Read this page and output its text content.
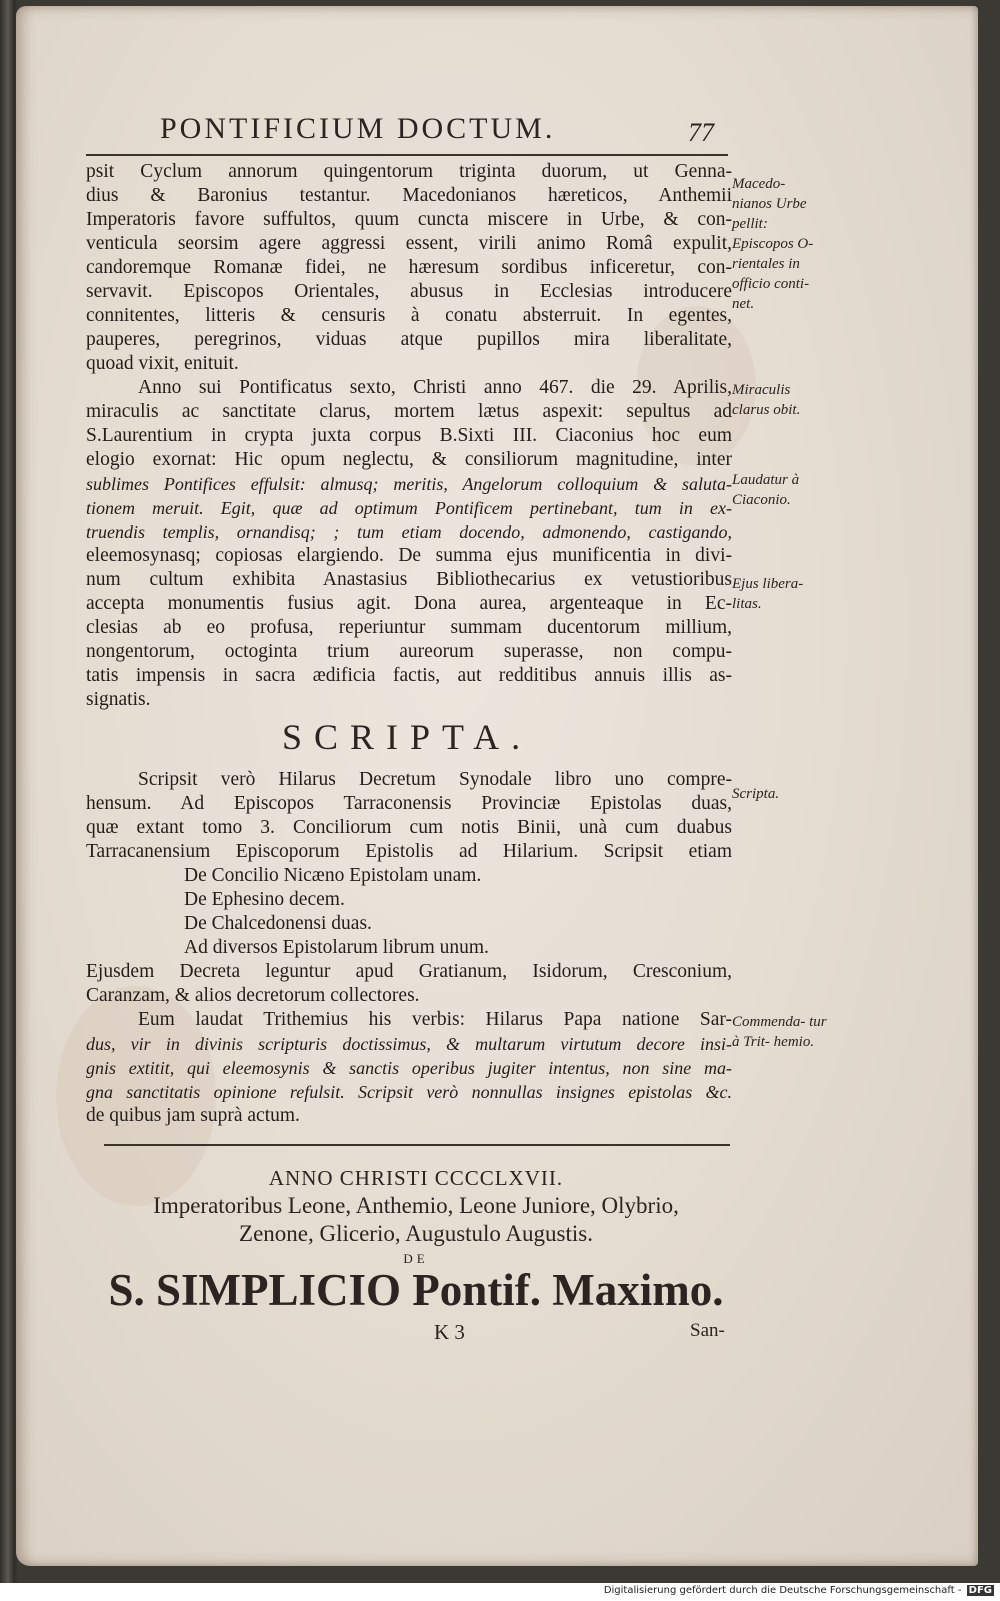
PONTIFICIUM DOCTUM.	77
psit Cyclum annorum quingentorum triginta duorum, ut Genna-
dius & Baronius testantur. Macedonianos hæreticos, Anthemii
Imperatoris favore suffultos, quum cuncta miscere in Urbe, & con-
venticula seorsim agere aggressi essent, virili animo Româ expulit,
candoremque Romanæ fidei, ne hæresum sordibus inficeretur, con-
servavit. Episcopos Orientales, abusus in Ecclesias introducere
connitentes, litteris & censuris à conatu absterruit. In egentes,
pauperes, peregrinos, viduas atque pupillos mira liberalitate,
quoad vixit, enituit.
Anno sui Pontificatus sexto, Christi anno 467. die 29. Aprilis,
miraculis ac sanctitate clarus, mortem lætus aspexit: sepultus ad
S.Laurentium in crypta juxta corpus B.Sixti III. Ciaconius hoc eum
elogio exornat: Hic opum neglectu, & consiliorum magnitudine, inter
sublimes Pontifices effulsit: almusq; meritis, Angelorum colloquium & saluta-
tionem meruit. Egit, quæ ad optimum Pontificem pertinebant, tum in ex-
truendis templis, ornandisq; ; tum etiam docendo, admonendo, castigando,
eleemosynasq; copiosas elargiendo. De summa ejus munificentia in divi-
num cultum exhibita Anastasius Bibliothecarius ex vetustioribus
accepta monumentis fusius agit. Dona aurea, argenteaque in Ec-
clesias ab eo profusa, reperiuntur summam ducentorum millium,
nongentorum, octoginta trium aureorum superasse, non compu-
tatis impensis in sacra ædificia factis, aut redditibus annuis illis as-
signatis.
SCRIPTA.
Scripsit verò Hilarus Decretum Synodale libro uno compre-
hensum. Ad Episcopos Tarraconensis Provinciæ Epistolas duas,
quæ extant tomo 3. Conciliorum cum notis Binii, unà cum duabus
Tarracanensium Episcoporum Epistolis ad Hilarium. Scripsit etiam
De Concilio Nicæno Epistolam unam.
De Ephesino decem.
De Chalcedonensi duas.
Ad diversos Epistolarum librum unum.
Ejusdem Decreta leguntur apud Gratianum, Isidorum, Cresconium,
Caranzam, & alios decretorum collectores.
Eum laudat Trithemius his verbis: Hilarus Papa natione Sar-
dus, vir in divinis scripturis doctissimus, & multarum virtutum decore insi-
gnis extitit, qui eleemosynis & sanctis operibus jugiter intentus, non sine ma-
gna sanctitatis opinione refulsit. Scripsit verò nonnullas insignes epistolas &c.
de quibus jam suprà actum.
Macedo- nianos Urbe pellit: Episcopos O- rientales in officio conti- net.
Miraculis clarus obit.
Laudatur à Ciaconio.
Ejus libera- litas.
Scripta.
Commenda- tur à Trit- hemio.
ANNO CHRISTI CCCCLXVII.
Imperatoribus Leone, Anthemio, Leone Juniore, Olybrio,
Zenone, Glicerio, Augustulo Augustis.
DE
S. SIMPLICIO Pontif. Maximo.
K 3	San-
Digitalisierung gefördert durch die Deutsche Forschungsgemeinschaft - DFG
